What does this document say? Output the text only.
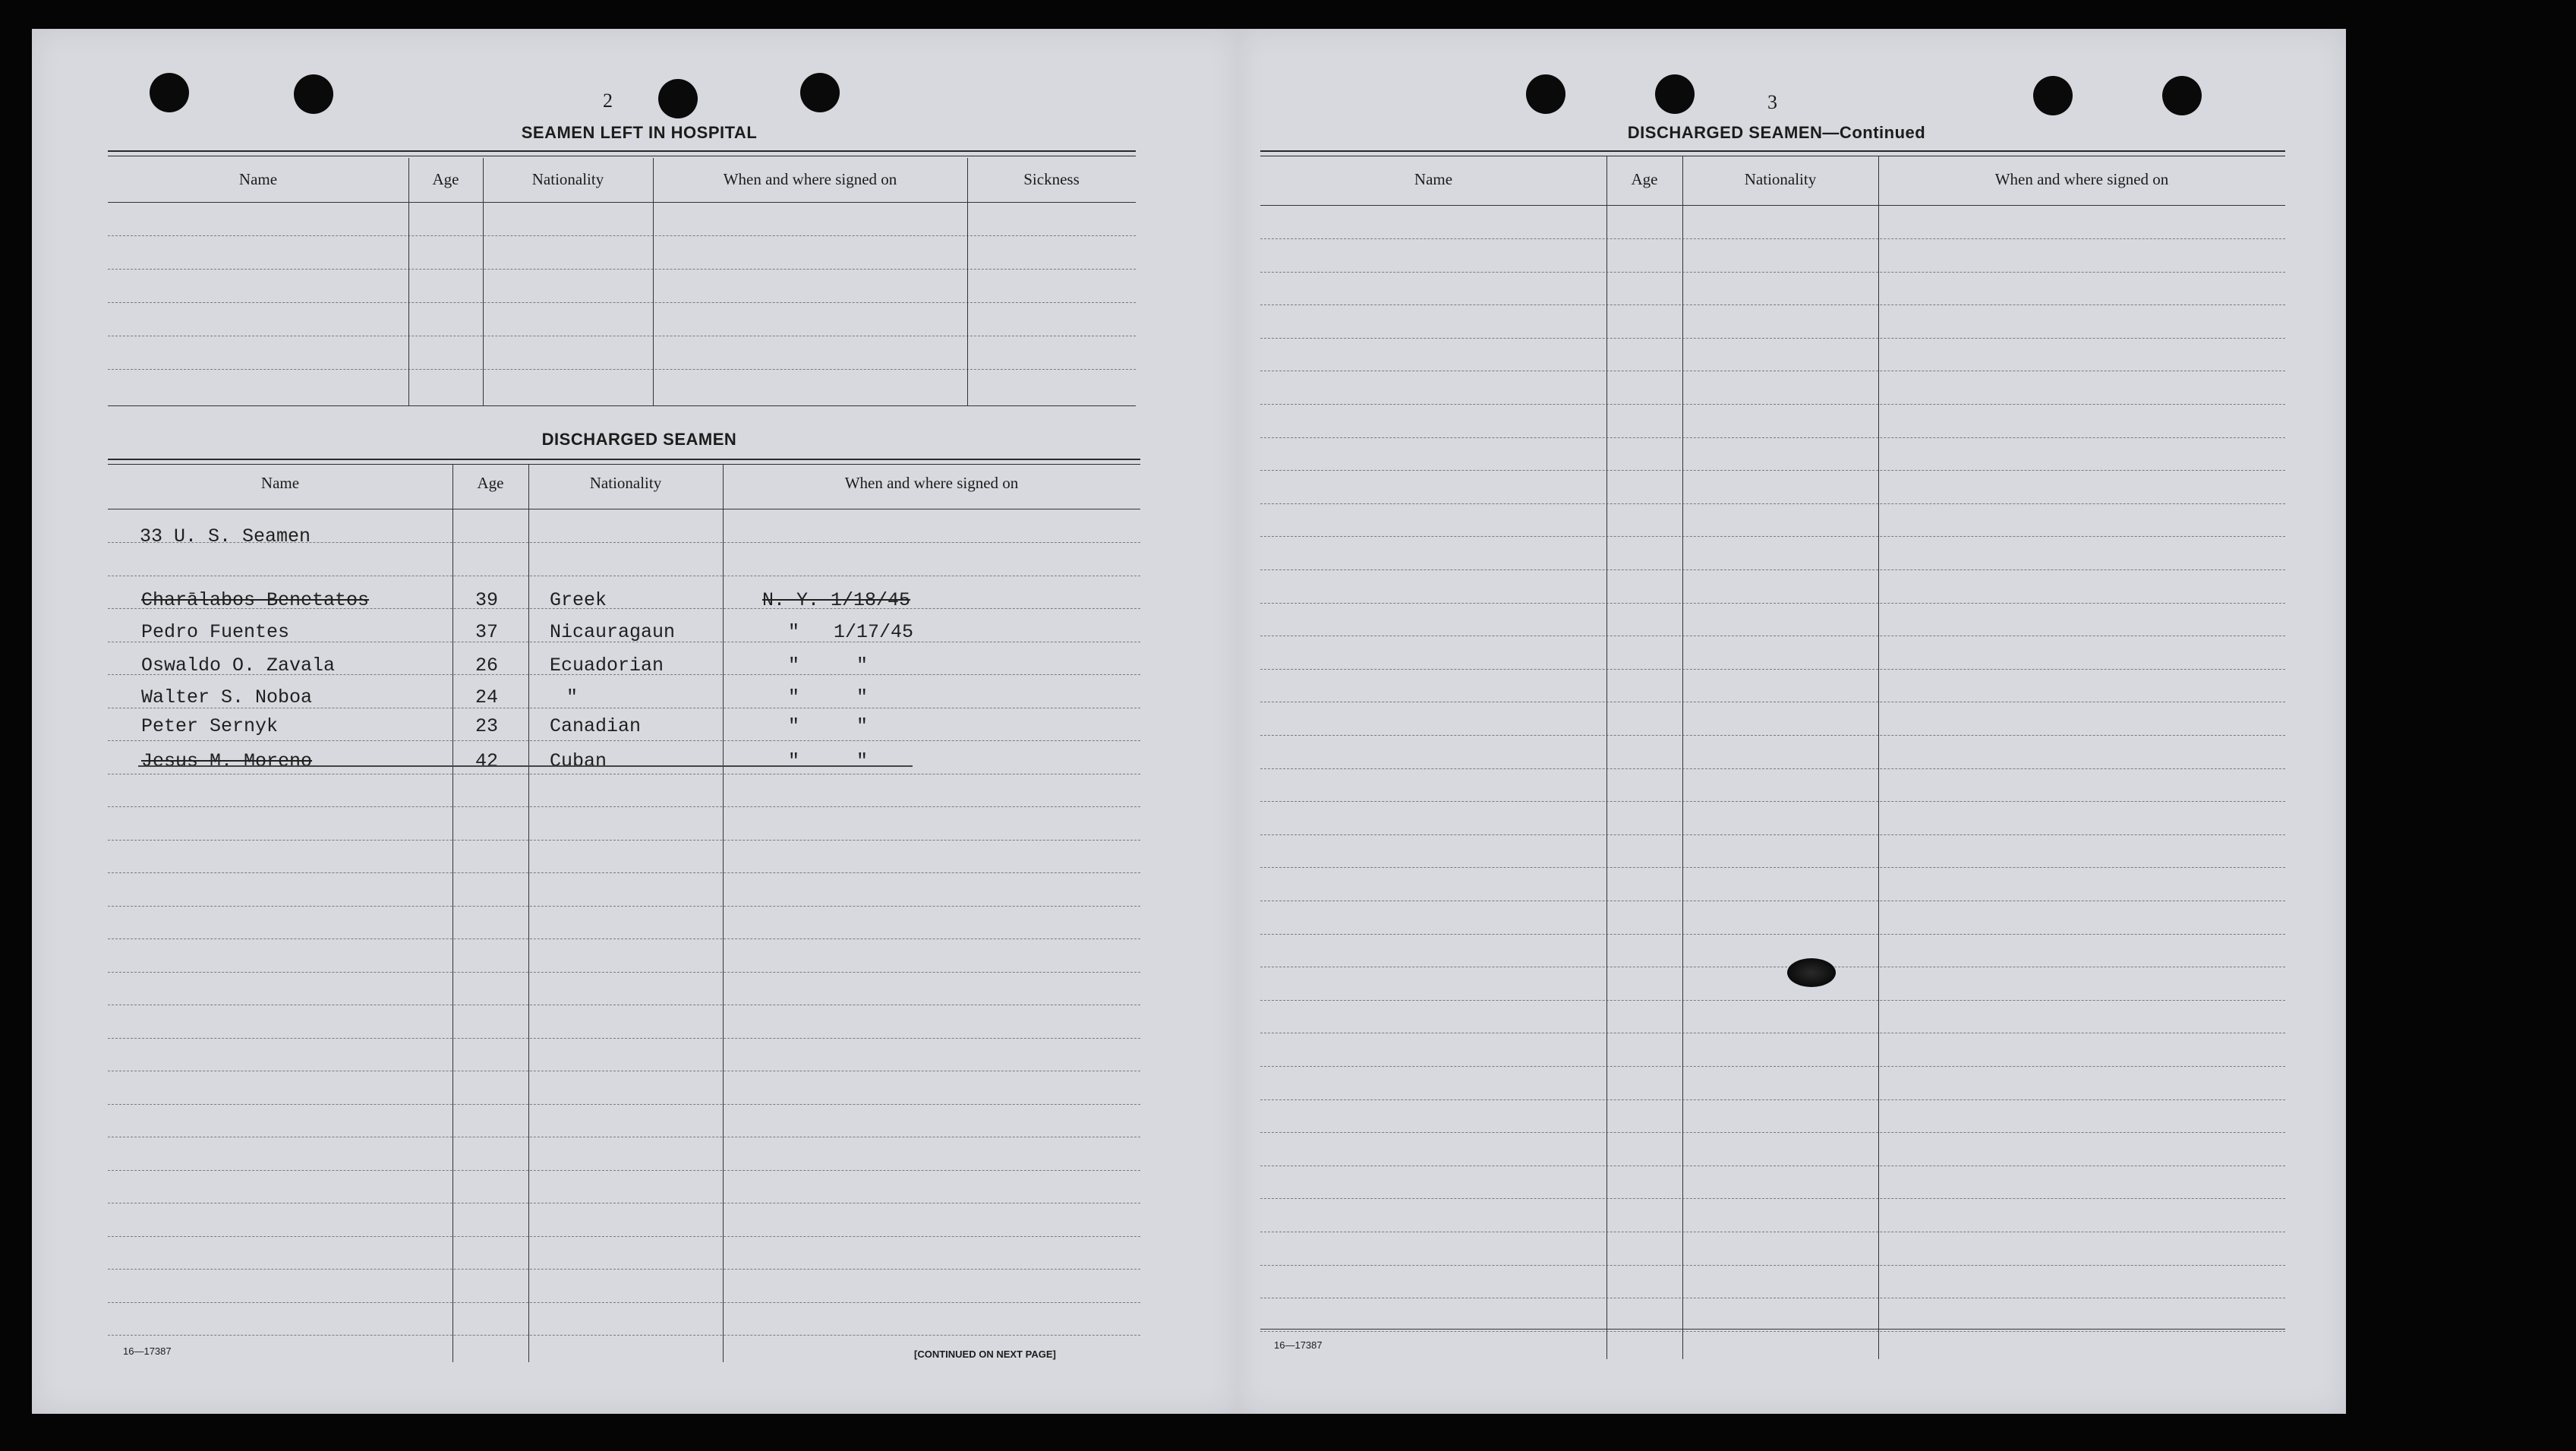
2
SEAMEN LEFT IN HOSPITAL
Name	Age	Nationality	When and where signed on	Sickness
DISCHARGED SEAMEN
Name	Age	Nationality	When and where signed on
33 U. S. Seamen
Charālabos Benetatos	39	Greek	N. Y. 1/18/45
Pedro Fuentes	37	Nicauragaun	"   1/17/45
Oswaldo O. Zavala	26	Ecuadorian	"     "
Walter S. Noboa	24	"	"     "
Peter Sernyk	23	Canadian	"     "
Jesus M. Moreno	42	Cuban	"     "
16—17387	[CONTINUED ON NEXT PAGE]
3
DISCHARGED SEAMEN—Continued
Name	Age	Nationality	When and where signed on
16—17387
